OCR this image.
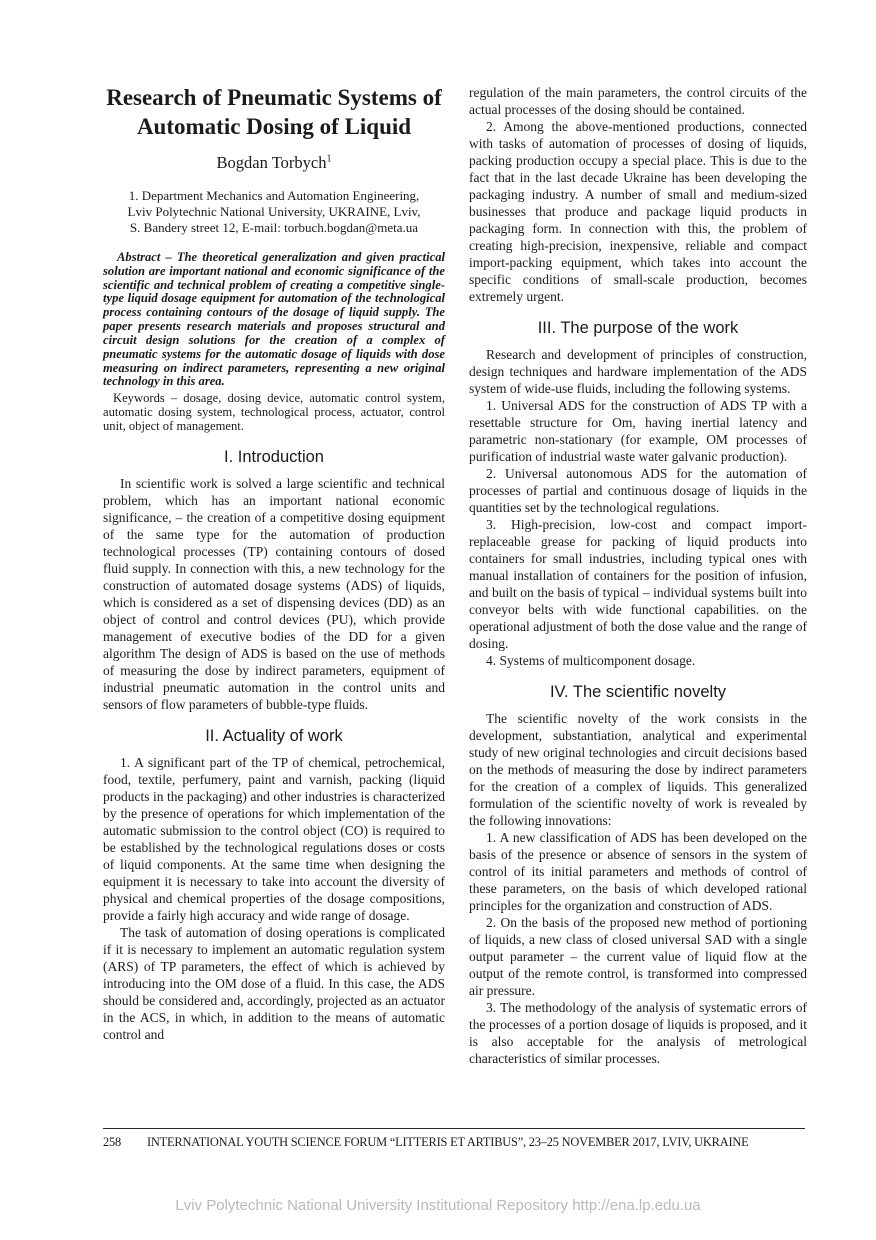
Research of Pneumatic Systems of Automatic Dosing of Liquid
Bogdan Torbych$^1$
1. Department Mechanics and Automation Engineering,
Lviv Polytechnic National University, UKRAINE, Lviv,
S. Bandery street 12, E-mail: torbuch.bogdan@meta.ua

Abstract – The theoretical generalization and given practical solution are important national and economic significance of the scientific and technical problem of creating a competitive single-type liquid dosage equipment for automation of the technological process containing contours of the dosage of liquid supply. The paper presents research materials and proposes structural and circuit design solutions for the creation of a complex of pneumatic systems for the automatic dosage of liquids with dose measuring on indirect parameters, representing a new original technology in this area.

Keywords – dosage, dosing device, automatic control system, automatic dosing system, technological process, actuator, control unit, object of management.

I. Introduction

In scientific work is solved a large scientific and technical problem, which has an important national economic significance, – the creation of a competitive dosing equipment of the same type for the automation of production technological processes (TP) containing contours of dosed fluid supply. In connection with this, a new technology for the construction of automated dosage systems (ADS) of liquids, which is considered as a set of dispensing devices (DD) as an object of control and control devices (PU), which provide management of executive bodies of the DD for a given algorithm The design of ADS is based on the use of methods of measuring the dose by indirect parameters, equipment of industrial pneumatic automation in the control units and sensors of flow parameters of bubble-type fluids.

II. Actuality of work

1. A significant part of the TP of chemical, petrochemical, food, textile, perfumery, paint and varnish, packing (liquid products in the packaging) and other industries is characterized by the presence of operations for which implementation of the automatic submission to the control object (CO) is required to be established by the technological regulations doses or costs of liquid components. At the same time when designing the equipment it is necessary to take into account the diversity of physical and chemical properties of the dosage compositions, provide a fairly high accuracy and wide range of dosage.

The task of automation of dosing operations is complicated if it is necessary to implement an automatic regulation system (ARS) of TP parameters, the effect of which is achieved by introducing into the OM dose of a fluid. In this case, the ADS should be considered and, accordingly, projected as an actuator in the ACS, in which, in addition to the means of automatic control and

regulation of the main parameters, the control circuits of the actual processes of the dosing should be contained.

2. Among the above-mentioned productions, connected with tasks of automation of processes of dosing of liquids, packing production occupy a special place. This is due to the fact that in the last decade Ukraine has been developing the packaging industry. A number of small and medium-sized businesses that produce and package liquid products in packaging form. In connection with this, the problem of creating high-precision, inexpensive, reliable and compact import-packing equipment, which takes into account the specific conditions of small-scale production, becomes extremely urgent.

III. The purpose of the work

Research and development of principles of construction, design techniques and hardware implementation of the ADS system of wide-use fluids, including the following systems.

1. Universal ADS for the construction of ADS TP with a resettable structure for Om, having inertial latency and parametric non-stationary (for example, OM processes of purification of industrial waste water galvanic production).

2. Universal autonomous ADS for the automation of processes of partial and continuous dosage of liquids in the quantities set by the technological regulations.

3. High-precision, low-cost and compact import-replaceable grease for packing of liquid products into containers for small industries, including typical ones with manual installation of containers for the position of infusion, and built on the basis of typical – individual systems built into conveyor belts with wide functional capabilities. on the operational adjustment of both the dose value and the range of dosing.

4. Systems of multicomponent dosage.

IV. The scientific novelty

The scientific novelty of the work consists in the development, substantiation, analytical and experimental study of new original technologies and circuit decisions based on the methods of measuring the dose by indirect parameters for the creation of a complex of liquids. This generalized formulation of the scientific novelty of work is revealed by the following innovations:

1. A new classification of ADS has been developed on the basis of the presence or absence of sensors in the system of control of its initial parameters and methods of control of these parameters, on the basis of which developed rational principles for the organization and construction of ADS.

2. On the basis of the proposed new method of portioning of liquids, a new class of closed universal SAD with a single output parameter – the current value of liquid flow at the output of the remote control, is transformed into compressed air pressure.

3. The methodology of the analysis of systematic errors of the processes of a portion dosage of liquids is proposed, and it is also acceptable for the analysis of metrological characteristics of similar processes.

258 INTERNATIONAL YOUTH SCIENCE FORUM “LITTERIS ET ARTIBUS”, 23–25 NOVEMBER 2017, LVIV, UKRAINE
Lviv Polytechnic National University Institutional Repository http://ena.lp.edu.ua
